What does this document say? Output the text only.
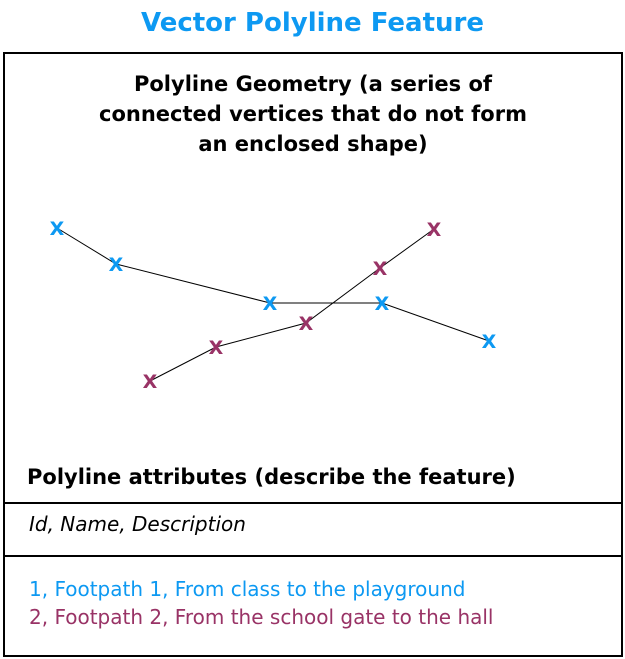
Vector Polyline Feature
Polyline Geometry (a series of
connected vertices that do not form
an enclosed shape)
X
X
X	X
X
X
X
X
X
X
Polyline attributes (describe the feature)
Id, Name, Description
1, Footpath 1, From class to the playground
2, Footpath 2, From the school gate to the hall
